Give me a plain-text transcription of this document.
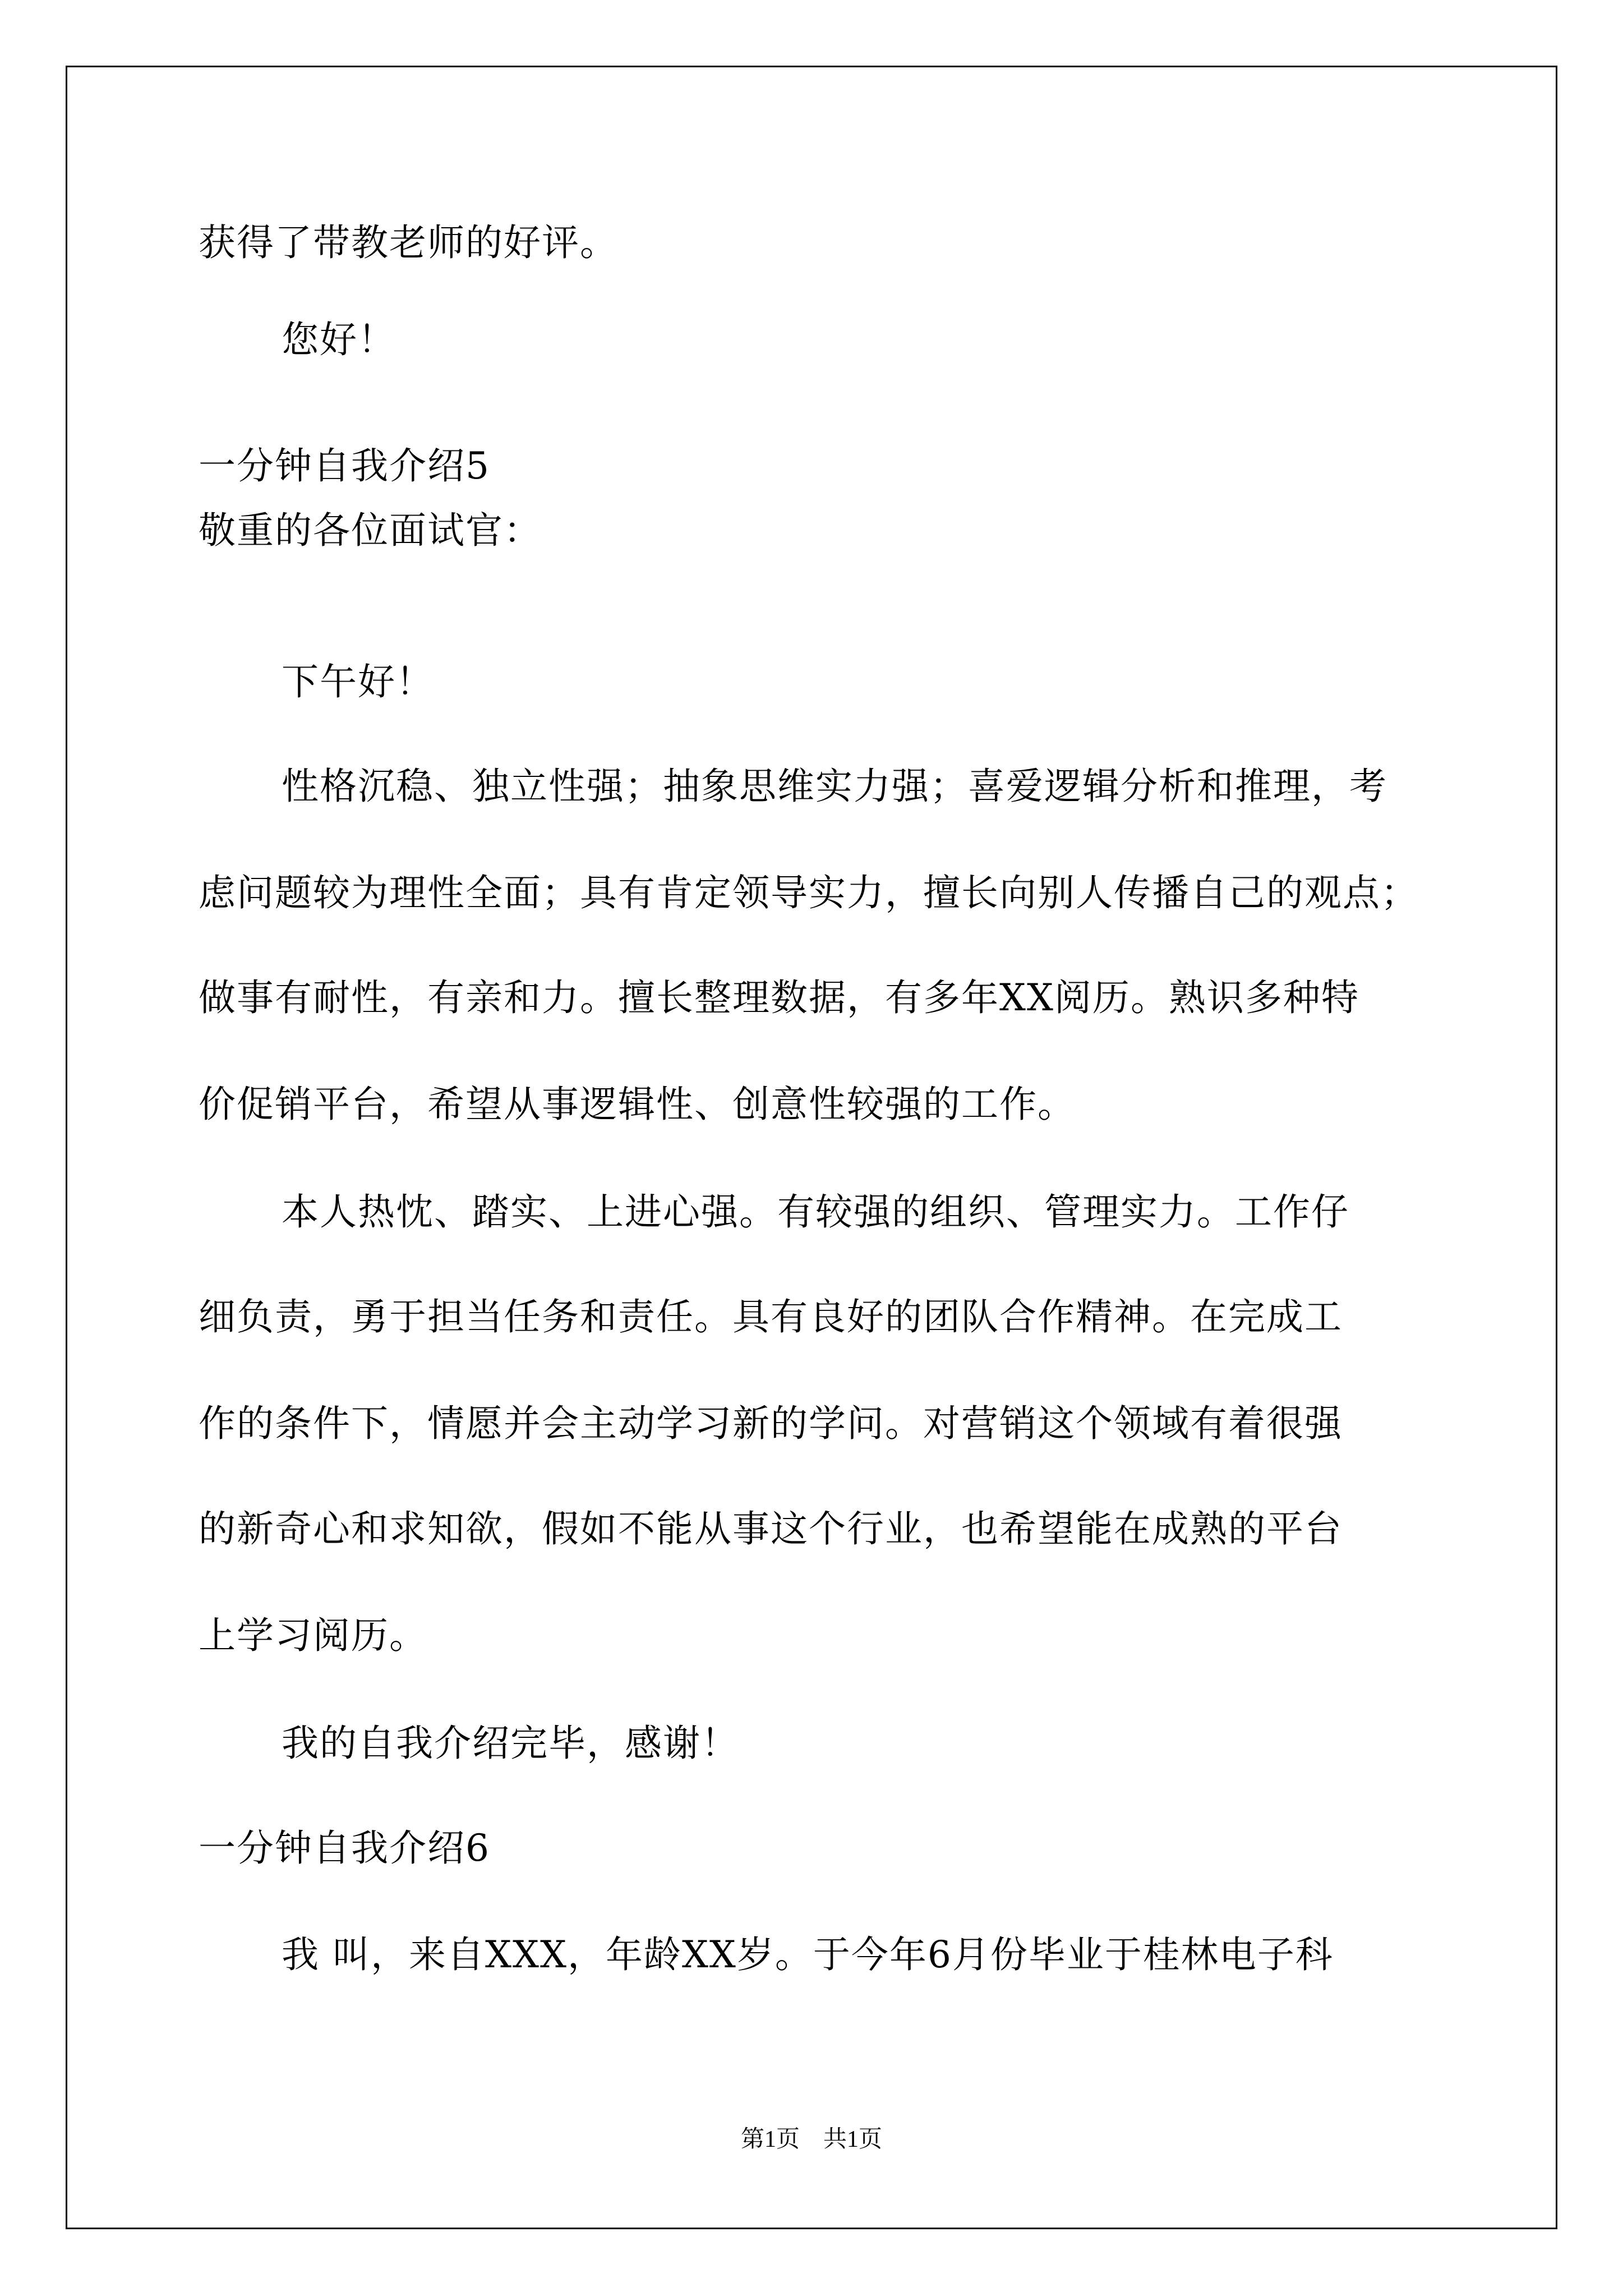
获得了带教老师的好评。
您好！
一分钟自我介绍5
敬重的各位面试官：
下午好！
性格沉稳、独立性强；抽象思维实力强；喜爱逻辑分析和推理，考
虑问题较为理性全面；具有肯定领导实力，擅长向别人传播自己的观点；
做事有耐性，有亲和力。擅长整理数据，有多年XX阅历。熟识多种特
价促销平台，希望从事逻辑性、创意性较强的工作。
本人热忱、踏实、上进心强。有较强的组织、管理实力。工作仔
细负责，勇于担当任务和责任。具有良好的团队合作精神。在完成工
作的条件下，情愿并会主动学习新的学问。对营销这个领域有着很强
的新奇心和求知欲，假如不能从事这个行业，也希望能在成熟的平台
上学习阅历。
我的自我介绍完毕，感谢！
一分钟自我介绍6
我 叫，来自XXX，年龄XX岁。于今年6月份毕业于桂林电子科
第1页　共1页
